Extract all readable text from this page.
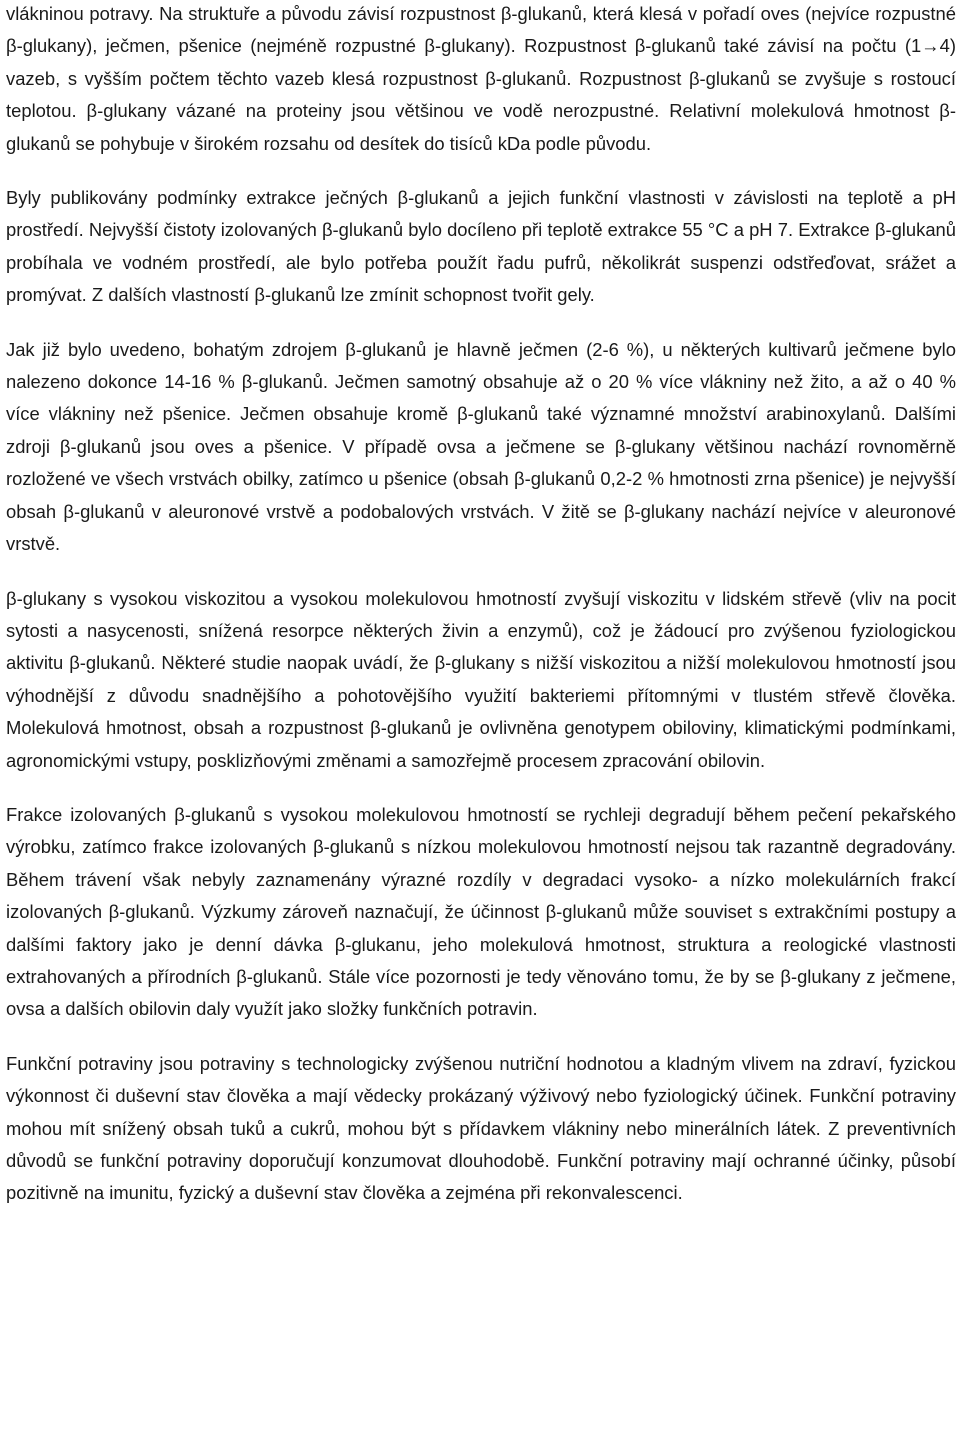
vlákninou potravy. Na struktuře a původu závisí rozpustnost β-glukanů, která klesá v pořadí oves (nejvíce rozpustné β-glukany), ječmen, pšenice (nejméně rozpustné β-glukany). Rozpustnost β-glukanů také závisí na počtu (1→4) vazeb, s vyšším počtem těchto vazeb klesá rozpustnost β-glukanů. Rozpustnost β-glukanů se zvyšuje s rostoucí teplotou. β-glukany vázané na proteiny jsou většinou ve vodě nerozpustné. Relativní molekulová hmotnost β-glukanů se pohybuje v širokém rozsahu od desítek do tisíců kDa podle původu.

Byly publikovány podmínky extrakce ječných β-glukanů a jejich funkční vlastnosti v závislosti na teplotě a pH prostředí. Nejvyšší čistoty izolovaných β-glukanů bylo docíleno při teplotě extrakce 55 °C a pH 7. Extrakce β-glukanů probíhala ve vodném prostředí, ale bylo potřeba použít řadu pufrů, několikrát suspenzi odstřeďovat, srážet a promývat. Z dalších vlastností β-glukanů lze zmínit schopnost tvořit gely.

Jak již bylo uvedeno, bohatým zdrojem β-glukanů je hlavně ječmen (2-6 %), u některých kultivarů ječmene bylo nalezeno dokonce 14-16 % β-glukanů. Ječmen samotný obsahuje až o 20 % více vlákniny než žito, a až o 40 % více vlákniny než pšenice. Ječmen obsahuje kromě β-glukanů také významné množství arabinoxylanů. Dalšími zdroji β-glukanů jsou oves a pšenice. V případě ovsa a ječmene se β-glukany většinou nachází rovnoměrně rozložené ve všech vrstvách obilky, zatímco u pšenice (obsah β-glukanů 0,2-2 % hmotnosti zrna pšenice) je nejvyšší obsah β-glukanů v aleuronové vrstvě a podobalových vrstvách. V žitě se β-glukany nachází nejvíce v aleuronové vrstvě.

β-glukany s vysokou viskozitou a vysokou molekulovou hmotností zvyšují viskozitu v lidském střevě (vliv na pocit sytosti a nasycenosti, snížená resorpce některých živin a enzymů), což je žádoucí pro zvýšenou fyziologickou aktivitu β-glukanů. Některé studie naopak uvádí, že β-glukany s nižší viskozitou a nižší molekulovou hmotností jsou výhodnější z důvodu snadnějšího a pohotovějšího využití bakteriemi přítomnými v tlustém střevě člověka. Molekulová hmotnost, obsah a rozpustnost β-glukanů je ovlivněna genotypem obiloviny, klimatickými podmínkami, agronomickými vstupy, posklizňovými změnami a samozřejmě procesem zpracování obilovin.

Frakce izolovaných β-glukanů s vysokou molekulovou hmotností se rychleji degradují během pečení pekařského výrobku, zatímco frakce izolovaných β-glukanů s nízkou molekulovou hmotností nejsou tak razantně degradovány. Během trávení však nebyly zaznamenány výrazné rozdíly v degradaci vysoko- a nízko molekulárních frakcí izolovaných β-glukanů. Výzkumy zároveň naznačují, že účinnost β-glukanů může souviset s extrakčními postupy a dalšími faktory jako je denní dávka β-glukanu, jeho molekulová hmotnost, struktura a reologické vlastnosti extrahovaných a přírodních β-glukanů. Stále více pozornosti je tedy věnováno tomu, že by se β-glukany z ječmene, ovsa a dalších obilovin daly využít jako složky funkčních potravin.

Funkční potraviny jsou potraviny s technologicky zvýšenou nutriční hodnotou a kladným vlivem na zdraví, fyzickou výkonnost či duševní stav člověka a mají vědecky prokázaný výživový nebo fyziologický účinek. Funkční potraviny mohou mít snížený obsah tuků a cukrů, mohou být s přídavkem vlákniny nebo minerálních látek. Z preventivních důvodů se funkční potraviny doporučují konzumovat dlouhodobě. Funkční potraviny mají ochranné účinky, působí pozitivně na imunitu, fyzický a duševní stav člověka a zejména při rekonvalescenci.
